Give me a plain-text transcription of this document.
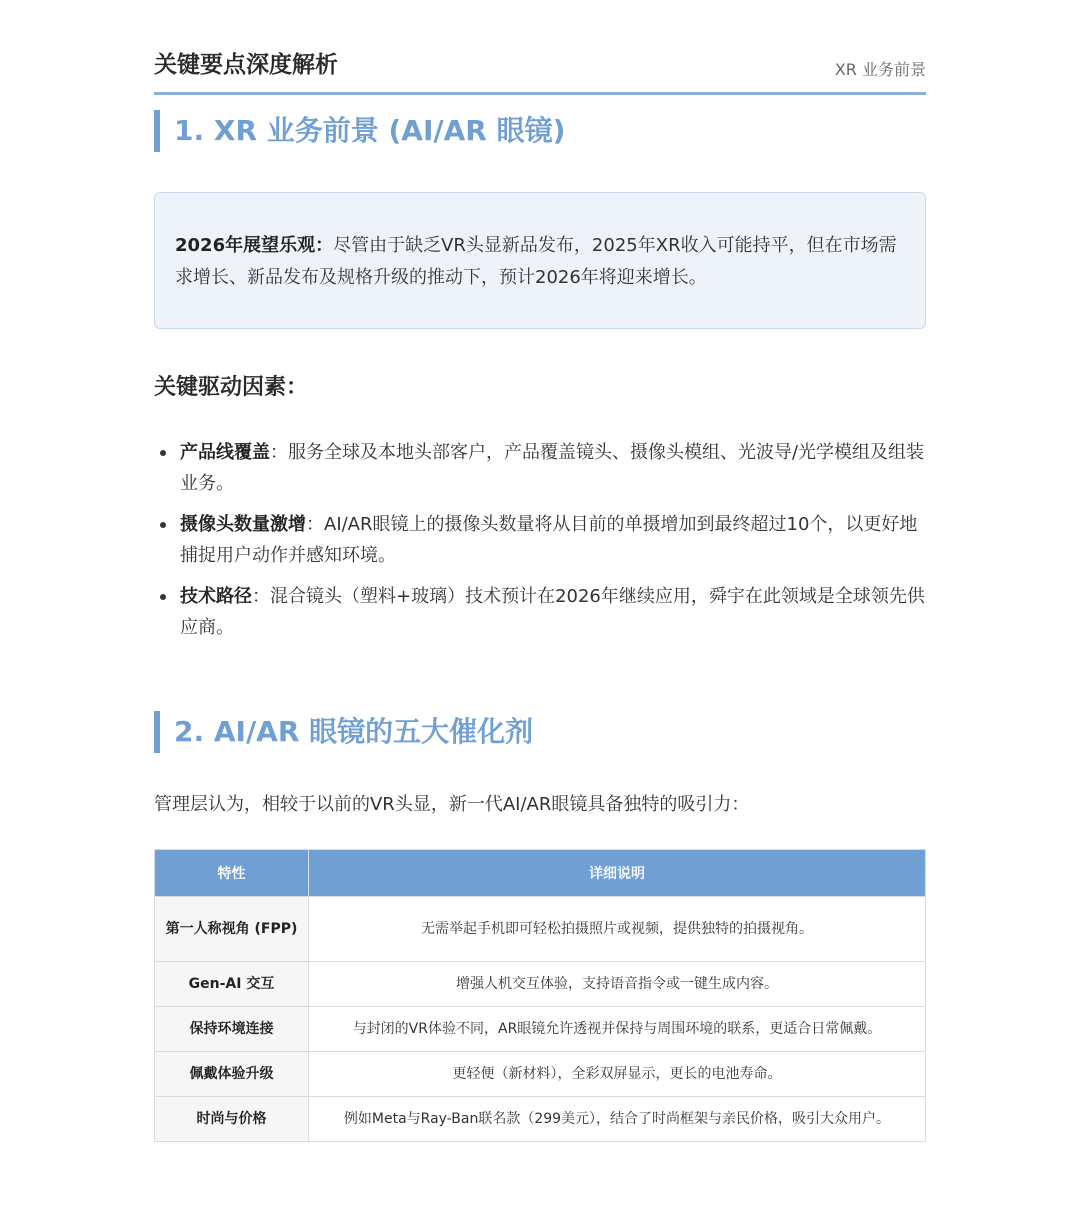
关键要点深度解析	XR 业务前景
1. XR 业务前景 (AI/AR 眼镜)
2026年展望乐观：尽管由于缺乏VR头显新品发布，2025年XR收入可能持平，但在市场需求增长、新品发布及规格升级的推动下，预计2026年将迎来增长。
关键驱动因素：
产品线覆盖：服务全球及本地头部客户，产品覆盖镜头、摄像头模组、光波导/光学模组及组装业务。
摄像头数量激增：AI/AR眼镜上的摄像头数量将从目前的单摄增加到最终超过10个，以更好地捕捉用户动作并感知环境。
技术路径：混合镜头（塑料+玻璃）技术预计在2026年继续应用，舜宇在此领域是全球领先供应商。
2. AI/AR 眼镜的五大催化剂
管理层认为，相较于以前的VR头显，新一代AI/AR眼镜具备独特的吸引力：
特性	详细说明
第一人称视角 (FPP)	无需举起手机即可轻松拍摄照片或视频，提供独特的拍摄视角。
Gen-AI 交互	增强人机交互体验，支持语音指令或一键生成内容。
保持环境连接	与封闭的VR体验不同，AR眼镜允许透视并保持与周围环境的联系，更适合日常佩戴。
佩戴体验升级	更轻便（新材料），全彩双屏显示，更长的电池寿命。
时尚与价格	例如Meta与Ray-Ban联名款（299美元），结合了时尚框架与亲民价格，吸引大众用户。
